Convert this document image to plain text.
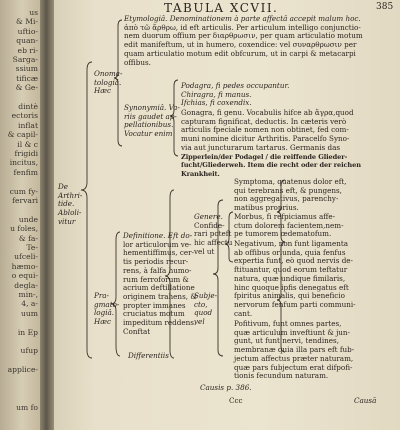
us
& Mi-
uftio-
quan-
eb ri-
Sarga-
ssium
tificæ
& Ge-
dintè
ectoris
inflat
& capil-
il & c
frigidi
incitus,
fenfim
cum fy-
fervari
unde
u foles,
& fa-
Te-
ufceli-
hæmo-
o equi-
degla-
min-,
4, a-
uum
in Ep
ufup
applice-
um fo
TABULA XCVII.	385
De
Arthri-
tide.
Abloli-
vitur
Onoma-
tologiâ.
Hæc
Etymologiâ. Denominationem à parte affectâ accepit malum hoc.
ἀπὸ τῶ ἄρθρω, id eft articulis. Per articulum intelligo conjunctio-
nem duorum offium per διαρθρωσιν, per quam articulatio motum
edit manifeftum, ut in humero, coxendice: vel συναρθρωσιν per
quam articulatio motum edit obfcurum, ut in carpi & metacarpi
offibus.
Synonymiâ. Va-
riis gaudet ap-
pellationibus.
Vocatur enim
Podagra, fi pedes occupantur.
Chiragra, fi manus.
Ifchias, fi coxendix.
Gonagra, fi genu. Vocabulis hifce ab ἄγρα,quod
capturam fignificat, deductis. In cæteris verò
articulis fpeciale nomen non obtinet, fed com-
muni nomine dicitur Arthritis. Paracelfo Syno-
via aut juncturarum tartarus. Germanis das
Zipperlein/der Podagel / die reiffende Glieder-
ſucht/Gliederweh. Item die recht oder der reichen
Krankheit.
Pra-
gmato-
logiâ.
Hæc
Definitione. Eft do-
lor articulorum ve-
hementiffimus, cer-
tis periodis recur-
rens, à falfa humo-
rum ferroforum &
acrium deftillatione
originem trahens, &
propter immanes
cruciatus motum
impeditum reddens.
Conftat
Differentiis
Genere.
Confide-
rari poteft
hic affectu
vel ut
Subje-
cto,
quod
vel
Symptoma, quatenus dolor eft,
qui terebrans eft, & pungens,
non aggregativus, parenchy-
matibus proprius.
Morbus, fi refpiciamus affe-
ctum dolorem facientem,nem-
pe tumorem œdematofum.
Negativum, non funt ligamenta
ab offibus orlunda, quia fenfus
expertia funt, eò quod nervis de-
ftituantur, quod eorum teftatur
natura, quæ undique fimilaris,
hinc quoque ipfis denegatus eft
fpiritus animalis, qui beneficio
nervorum fenfum parti communi-
cant.
Pofitivum, funt omnes partes,
quæ articulum inveftiunt & jun-
gunt, ut funt nervi, tendines,
membranæ quia illa pars eft fub-
jectum affectus præter naturam,
quæ pars fubjectum erat difpofi-
tionis fecundum naturam.
Causis p. 386.
Ccc	Causā
